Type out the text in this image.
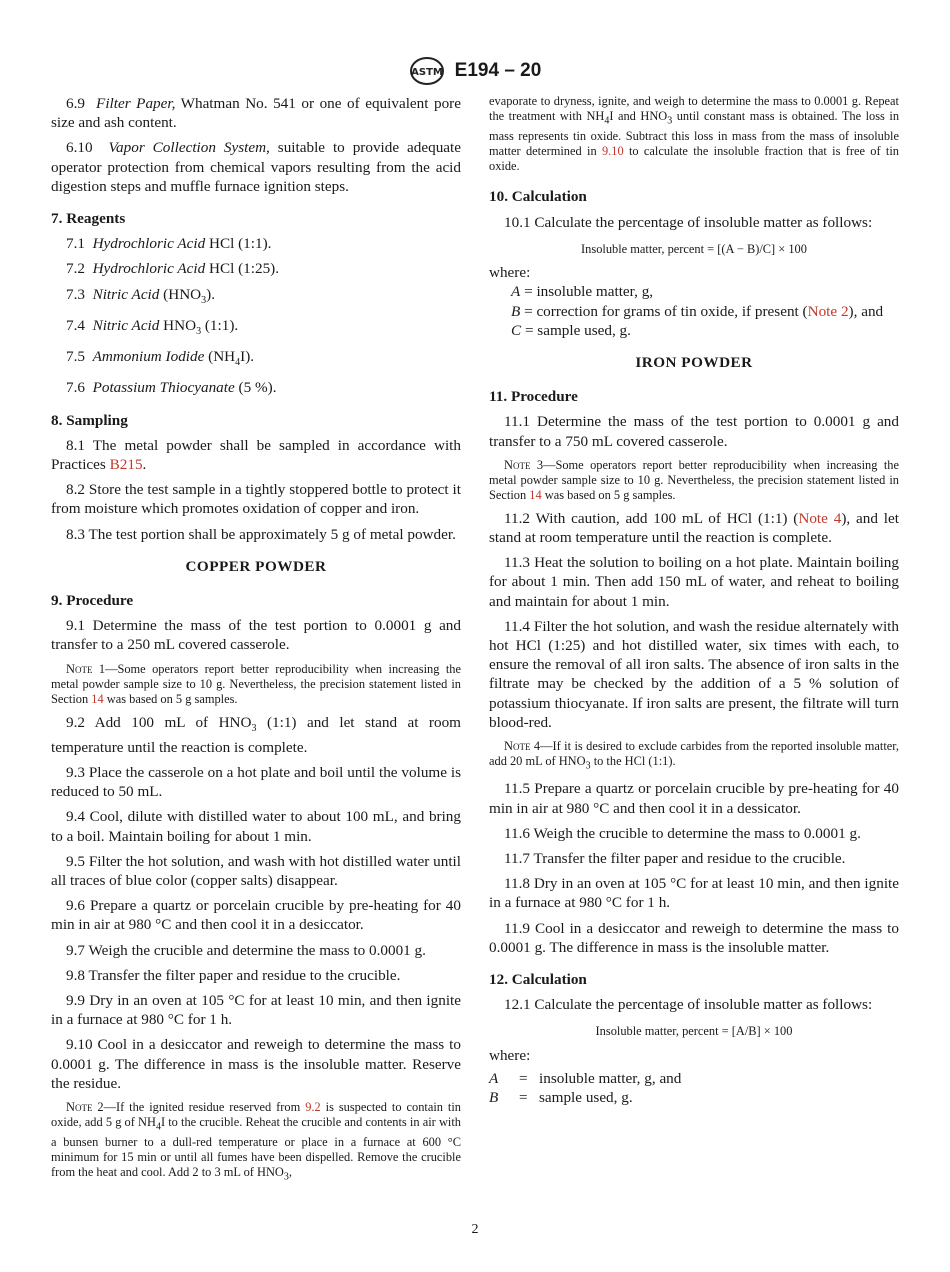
ASTM E194 – 20

6.9 Filter Paper, Whatman No. 541 or one of equivalent pore size and ash content.

6.10 Vapor Collection System, suitable to provide adequate operator protection from chemical vapors resulting from the acid digestion steps and muffle furnace ignition steps.

7. Reagents

7.1 Hydrochloric Acid HCl (1:1).

7.2 Hydrochloric Acid HCl (1:25).

7.3 Nitric Acid $(HNO_3)$.

7.4 Nitric Acid $HNO_3$ (1:1).

7.5 Ammonium Iodide $(NH_4I)$.

7.6 Potassium Thiocyanate (5 %).

8. Sampling

8.1 The metal powder shall be sampled in accordance with Practices B215.

8.2 Store the test sample in a tightly stoppered bottle to protect it from moisture which promotes oxidation of copper and iron.

8.3 The test portion shall be approximately 5 g of metal powder.

COPPER POWDER
9. Procedure

9.1 Determine the mass of the test portion to 0.0001 g and transfer to a 250 mL covered casserole.

Note 1—Some operators report better reproducibility when increasing the metal powder sample size to 10 g. Nevertheless, the precision statement listed in Section 14 was based on 5 g samples.

9.2 Add 100 mL of $HNO_3$ (1:1) and let stand at room temperature until the reaction is complete.

9.3 Place the casserole on a hot plate and boil until the volume is reduced to 50 mL.

9.4 Cool, dilute with distilled water to about 100 mL, and bring to a boil. Maintain boiling for about 1 min.

9.5 Filter the hot solution, and wash with hot distilled water until all traces of blue color (copper salts) disappear.

9.6 Prepare a quartz or porcelain crucible by pre-heating for 40 min in air at 980 °C and then cool it in a desiccator.

9.7 Weigh the crucible and determine the mass to 0.0001 g.

9.8 Transfer the filter paper and residue to the crucible.

9.9 Dry in an oven at 105 °C for at least 10 min, and then ignite in a furnace at 980 °C for 1 h.

9.10 Cool in a desiccator and reweigh to determine the mass to 0.0001 g. The difference in mass is the insoluble matter. Reserve the residue.

Note 2—If the ignited residue reserved from 9.2 is suspected to contain tin oxide, add 5 g of $NH_4I$ to the crucible. Reheat the crucible and contents in air with a bunsen burner to a dull-red temperature or place in a furnace at 600 °C minimum for 15 min or until all fumes have been dispelled. Remove the crucible from the heat and cool. Add 2 to 3 mL of $HNO_3$,

evaporate to dryness, ignite, and weigh to determine the mass to 0.0001 g. Repeat the treatment with $NH_4I$ and $HNO_3$ until constant mass is obtained. The loss in mass represents tin oxide. Subtract this loss in mass from the mass of insoluble matter determined in 9.10 to calculate the insoluble fraction that is free of tin oxide.

10. Calculation

10.1 Calculate the percentage of insoluble matter as follows:

Insoluble matter, percent = [(A − B)/C] × 100

where:

A = insoluble matter, g,

B = correction for grams of tin oxide, if present (Note 2), and

C = sample used, g.

IRON POWDER
11. Procedure

11.1 Determine the mass of the test portion to 0.0001 g and transfer to a 750 mL covered casserole.

Note 3—Some operators report better reproducibility when increasing the metal powder sample size to 10 g. Nevertheless, the precision statement listed in Section 14 was based on 5 g samples.

11.2 With caution, add 100 mL of HCl (1:1) (Note 4), and let stand at room temperature until the reaction is complete.

11.3 Heat the solution to boiling on a hot plate. Maintain boiling for about 1 min. Then add 150 mL of water, and reheat to boiling and maintain for about 1 min.

11.4 Filter the hot solution, and wash the residue alternately with hot HCl (1:25) and hot distilled water, six times with each, to ensure the removal of all iron salts. The absence of iron salts in the filtrate may be checked by the addition of a 5 % solution of potassium thiocyanate. If iron salts are present, the filtrate will turn blood-red.

Note 4—If it is desired to exclude carbides from the reported insoluble matter, add 20 mL of $HNO_3$ to the HCl (1:1).

11.5 Prepare a quartz or porcelain crucible by pre-heating for 40 min in air at 980 °C and then cool it in a dessicator.

11.6 Weigh the crucible to determine the mass to 0.0001 g.

11.7 Transfer the filter paper and residue to the crucible.

11.8 Dry in an oven at 105 °C for at least 10 min, and then ignite in a furnace at 980 °C for 1 h.

11.9 Cool in a desiccator and reweigh to determine the mass to 0.0001 g. The difference in mass is the insoluble matter.

12. Calculation

12.1 Calculate the percentage of insoluble matter as follows:

Insoluble matter, percent = [A/B] × 100

where:

A = insoluble matter, g, and

B = sample used, g.

2
